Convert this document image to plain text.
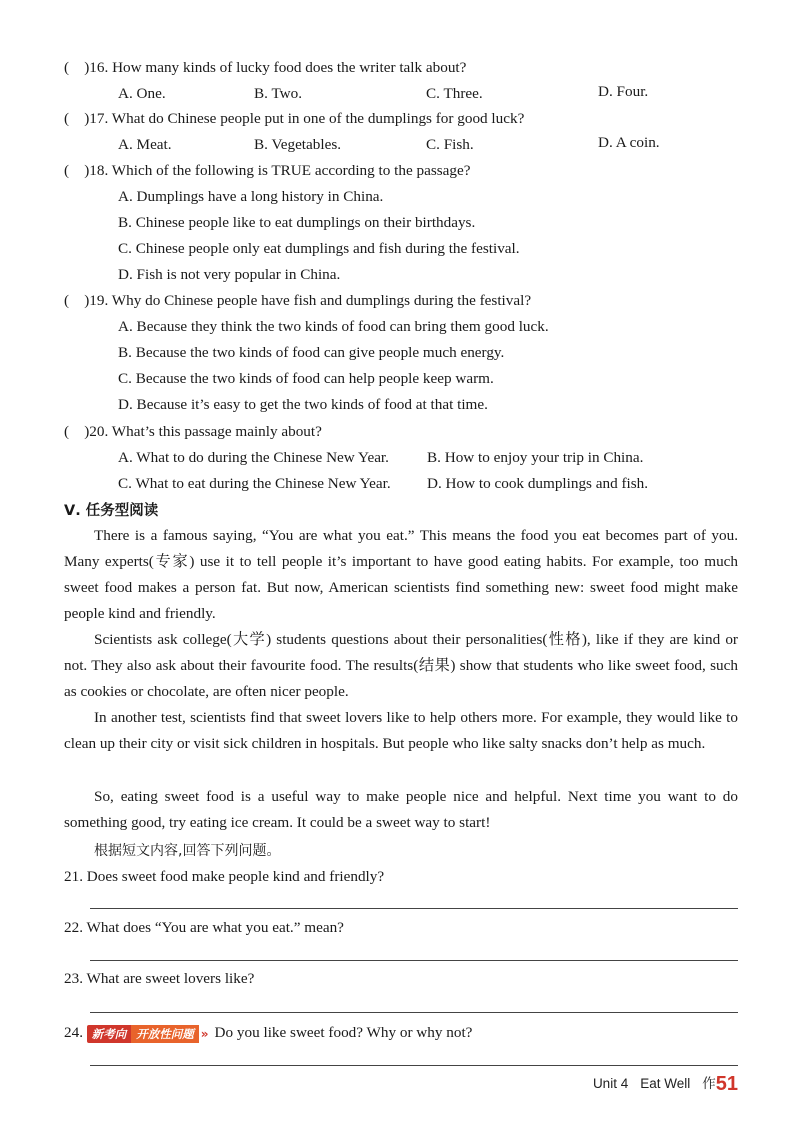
(　)16. How many kinds of lucky food does the writer talk about?
A. One.	B. Two.	C. Three.	D. Four.
(　)17. What do Chinese people put in one of the dumplings for good luck?
A. Meat.	B. Vegetables.	C. Fish.	D. A coin.
(　)18. Which of the following is TRUE according to the passage?
A. Dumplings have a long history in China.
B. Chinese people like to eat dumplings on their birthdays.
C. Chinese people only eat dumplings and fish during the festival.
D. Fish is not very popular in China.
(　)19. Why do Chinese people have fish and dumplings during the festival?
A. Because they think the two kinds of food can bring them good luck.
B. Because the two kinds of food can give people much energy.
C. Because the two kinds of food can help people keep warm.
D. Because it’s easy to get the two kinds of food at that time.
(　)20. What’s this passage mainly about?
A. What to do during the Chinese New Year.	B. How to enjoy your trip in China.
C. What to eat during the Chinese New Year. D. How to cook dumplings and fish.
Ⅴ. 任务型阅读
There is a famous saying, “You are what you eat.” This means the food you eat becomes part of you. Many experts(专家) use it to tell people it’s important to have good eating habits. For example, too much sweet food makes a person fat. But now, American scientists find something new: sweet food might make people kind and friendly.
Scientists ask college(大学) students questions about their personalities(性格), like if they are kind or not. They also ask about their favourite food. The results(结果) show that students who like sweet food, such as cookies or chocolate, are often nicer people.
In another test, scientists find that sweet lovers like to help others more. For example, they would like to clean up their city or visit sick children in hospitals. But people who like salty snacks don’t help as much.
So, eating sweet food is a useful way to make people nice and helpful. Next time you want to do something good, try eating ice cream. It could be a sweet way to start!
根据短文内容,回答下列问题。
21. Does sweet food make people kind and friendly?
22. What does “You are what you eat.” mean?
23. What are sweet lovers like?
24. 新考向 开放性问题 » Do you like sweet food? Why or why not?
Unit 4 Eat Well 作51
